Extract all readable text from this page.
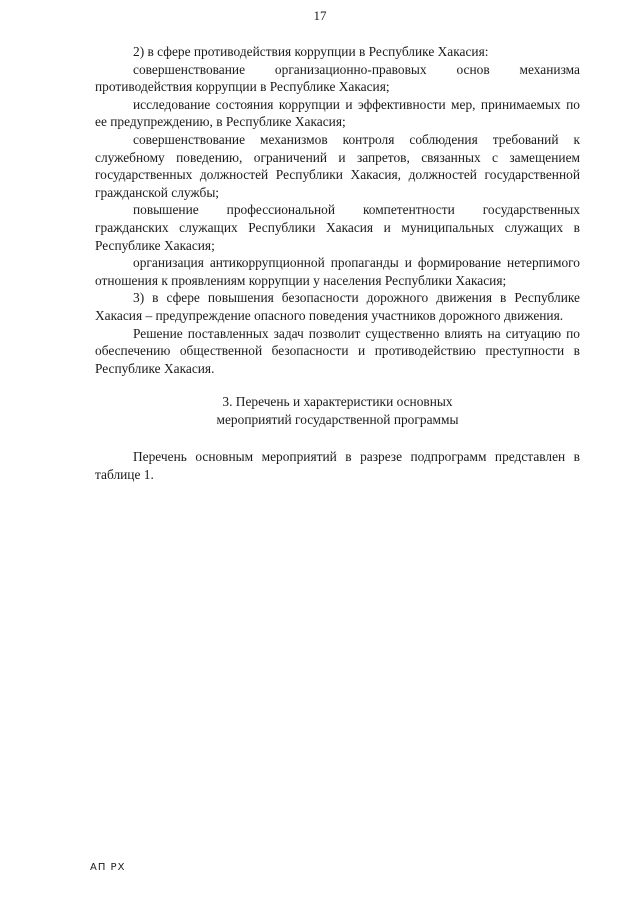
17

2) в сфере противодействия коррупции в Республике Хакасия:

совершенствование организационно-правовых основ механизма противодействия коррупции в Республике Хакасия;

исследование состояния коррупции и эффективности мер, принимаемых по ее предупреждению, в Республике Хакасия;

совершенствование механизмов контроля соблюдения требований к служебному поведению, ограничений и запретов, связанных с замещением государственных должностей Республики Хакасия, должностей государственной гражданской службы;

повышение профессиональной компетентности государственных гражданских служащих Республики Хакасия и муниципальных служащих в Республике Хакасия;

организация антикоррупционной пропаганды и формирование нетерпимого отношения к проявлениям коррупции у населения Республики Хакасия;

3) в сфере повышения безопасности дорожного движения в Республике Хакасия – предупреждение опасного поведения участников дорожного движения.

Решение поставленных задач позволит существенно влиять на ситуацию по обеспечению общественной безопасности и противодействию преступности в Республике Хакасия.

3. Перечень и характеристики основных
мероприятий государственной программы

Перечень основным мероприятий в разрезе подпрограмм представлен в таблице 1.

АП РХ
